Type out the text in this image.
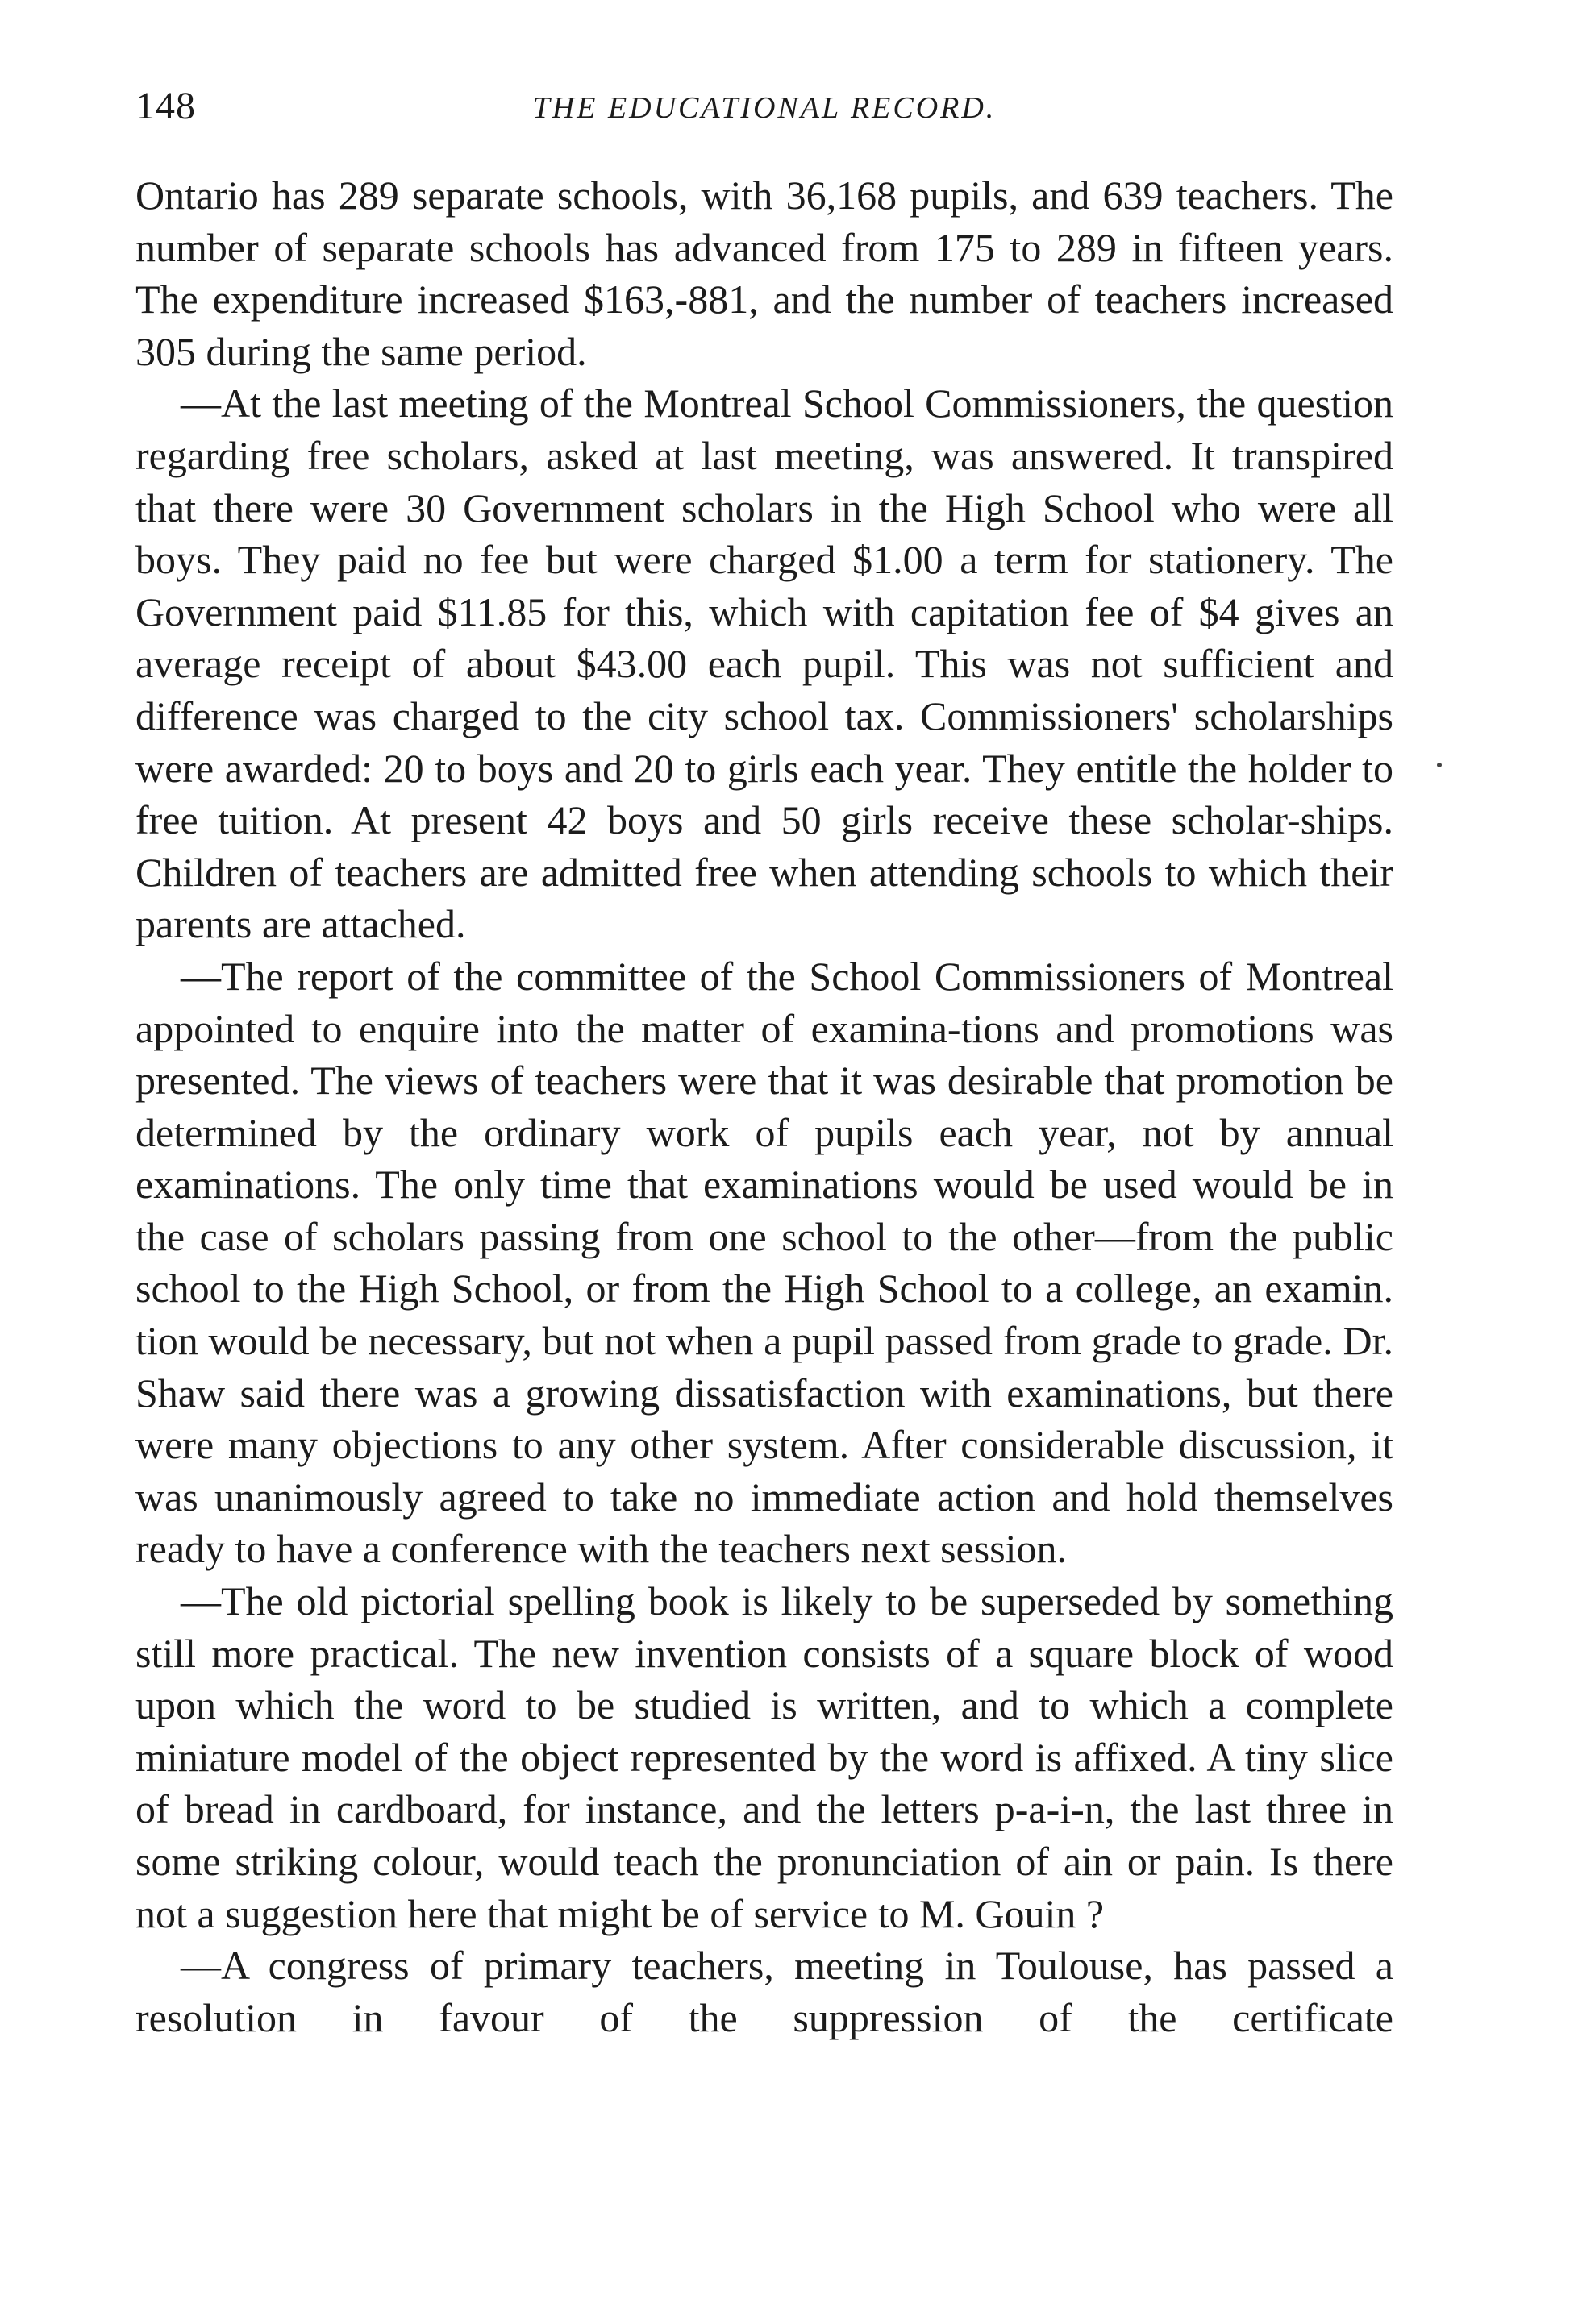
148	THE EDUCATIONAL RECORD.

Ontario has 289 separate schools, with 36,168 pupils, and 639 teachers. The number of separate schools has advanced from 175 to 289 in fifteen years. The expenditure increased $163,-881, and the number of teachers increased 305 during the same period.

—At the last meeting of the Montreal School Commissioners, the question regarding free scholars, asked at last meeting, was answered. It transpired that there were 30 Government scholars in the High School who were all boys. They paid no fee but were charged $1.00 a term for stationery. The Government paid $11.85 for this, which with capitation fee of $4 gives an average receipt of about $43.00 each pupil. This was not sufficient and difference was charged to the city school tax. Commissioners' scholarships were awarded: 20 to boys and 20 to girls each year. They entitle the holder to free tuition. At present 42 boys and 50 girls receive these scholar-ships. Children of teachers are admitted free when attending schools to which their parents are attached.

—The report of the committee of the School Commissioners of Montreal appointed to enquire into the matter of examina-tions and promotions was presented. The views of teachers were that it was desirable that promotion be determined by the ordinary work of pupils each year, not by annual examinations. The only time that examinations would be used would be in the case of scholars passing from one school to the other—from the public school to the High School, or from the High School to a college, an examin. tion would be necessary, but not when a pupil passed from grade to grade. Dr. Shaw said there was a growing dissatisfaction with examinations, but there were many objections to any other system. After considerable discussion, it was unanimously agreed to take no immediate action and hold themselves ready to have a conference with the teachers next session.

—The old pictorial spelling book is likely to be superseded by something still more practical. The new invention consists of a square block of wood upon which the word to be studied is written, and to which a complete miniature model of the object represented by the word is affixed. A tiny slice of bread in cardboard, for instance, and the letters p-a-i-n, the last three in some striking colour, would teach the pronunciation of ain or pain. Is there not a suggestion here that might be of service to M. Gouin ?

—A congress of primary teachers, meeting in Toulouse, has passed a resolution in favour of the suppression of the certificate
